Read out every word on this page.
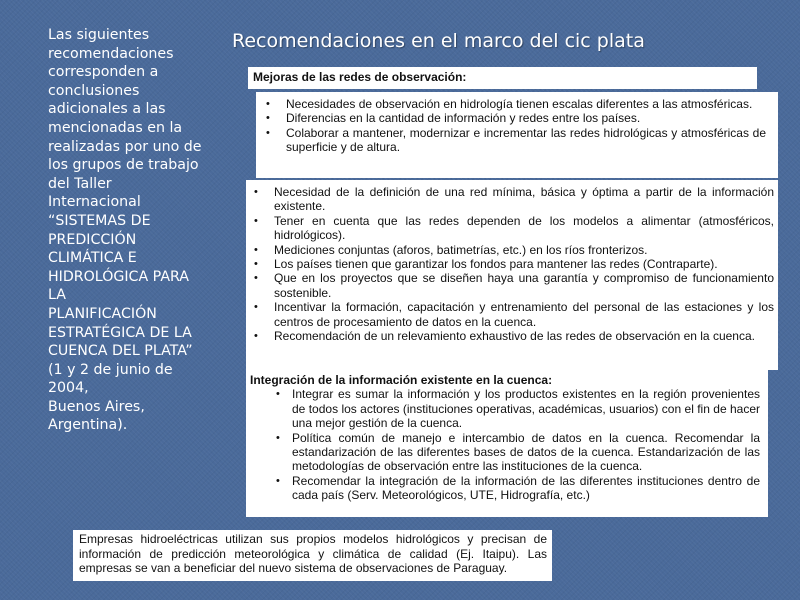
Las siguientes
recomendaciones
corresponden a
conclusiones
adicionales a las
mencionadas en la
realizadas por uno de
los grupos de trabajo
del Taller
Internacional
“SISTEMAS DE
PREDICCIÓN
CLIMÁTICA E
HIDROLÓGICA PARA
LA
PLANIFICACIÓN
ESTRATÉGICA DE LA
CUENCA DEL PLATA”
(1 y 2 de junio de
2004,
Buenos Aires,
Argentina).
Recomendaciones en el marco del cic plata

Mejoras de las redes de observación:

• Necesidades de observación en hidrología tienen escalas diferentes a las atmosféricas.
• Diferencias en la cantidad de información y redes entre los países.
• Colaborar a mantener, modernizar e incrementar las redes hidrológicas y atmosféricas de superficie y de altura.
• Necesidad de la definición de una red mínima, básica y óptima a partir de la información existente.
• Tener en cuenta que las redes dependen de los modelos a alimentar (atmosféricos, hidrológicos).
• Mediciones conjuntas (aforos, batimetrías, etc.) en los ríos fronterizos.
• Los países tienen que garantizar los fondos para mantener las redes (Contraparte).
• Que en los proyectos que se diseñen haya una garantía y compromiso de funcionamiento sostenible.
• Incentivar la formación, capacitación y entrenamiento del personal de las estaciones y los centros de procesamiento de datos en la cuenca.
• Recomendación de un relevamiento exhaustivo de las redes de observación en la cuenca.

Integración de la información existente en la cuenca:

• Integrar es sumar la información y los productos existentes en la región provenientes de todos los actores (instituciones operativas, académicas, usuarios) con el fin de hacer una mejor gestión de la cuenca.
• Política común de manejo e intercambio de datos en la cuenca. Recomendar la estandarización de las diferentes bases de datos de la cuenca. Estandarización de las metodologías de observación entre las instituciones de la cuenca.
• Recomendar la integración de la información de las diferentes instituciones dentro de cada país (Serv. Meteorológicos, UTE, Hidrografía, etc.)
Empresas hidroeléctricas utilizan sus propios modelos hidrológicos y precisan de información de predicción meteorológica y climática de calidad (Ej. Itaipu). Las empresas se van a beneficiar del nuevo sistema de observaciones de Paraguay.
